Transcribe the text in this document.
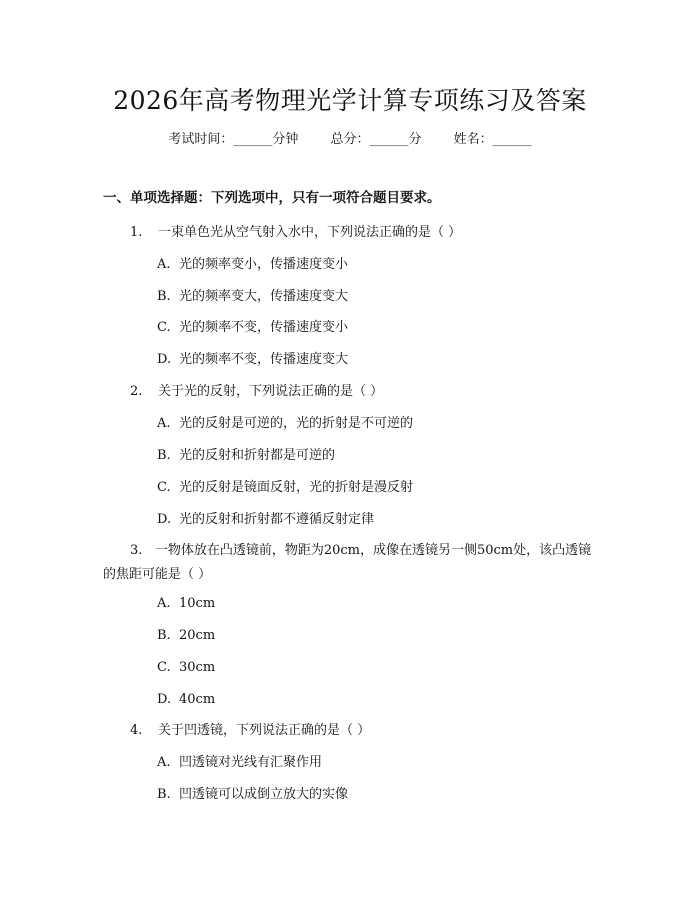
2026年高考物理光学计算专项练习及答案
考试时间：______分钟 总分：______分 姓名：______
一、单项选择题：下列选项中，只有一项符合题目要求。
1. 一束单色光从空气射入水中，下列说法正确的是（ ）
A. 光的频率变小，传播速度变小
B. 光的频率变大，传播速度变大
C. 光的频率不变，传播速度变小
D. 光的频率不变，传播速度变大
2. 关于光的反射，下列说法正确的是（ ）
A. 光的反射是可逆的，光的折射是不可逆的
B. 光的反射和折射都是可逆的
C. 光的反射是镜面反射，光的折射是漫反射
D. 光的反射和折射都不遵循反射定律
3. 一物体放在凸透镜前，物距为20cm，成像在透镜另一侧50cm处，该凸透镜的焦距可能是（ ）
A. 10cm
B. 20cm
C. 30cm
D. 40cm
4. 关于凹透镜，下列说法正确的是（ ）
A. 凹透镜对光线有汇聚作用
B. 凹透镜可以成倒立放大的实像
